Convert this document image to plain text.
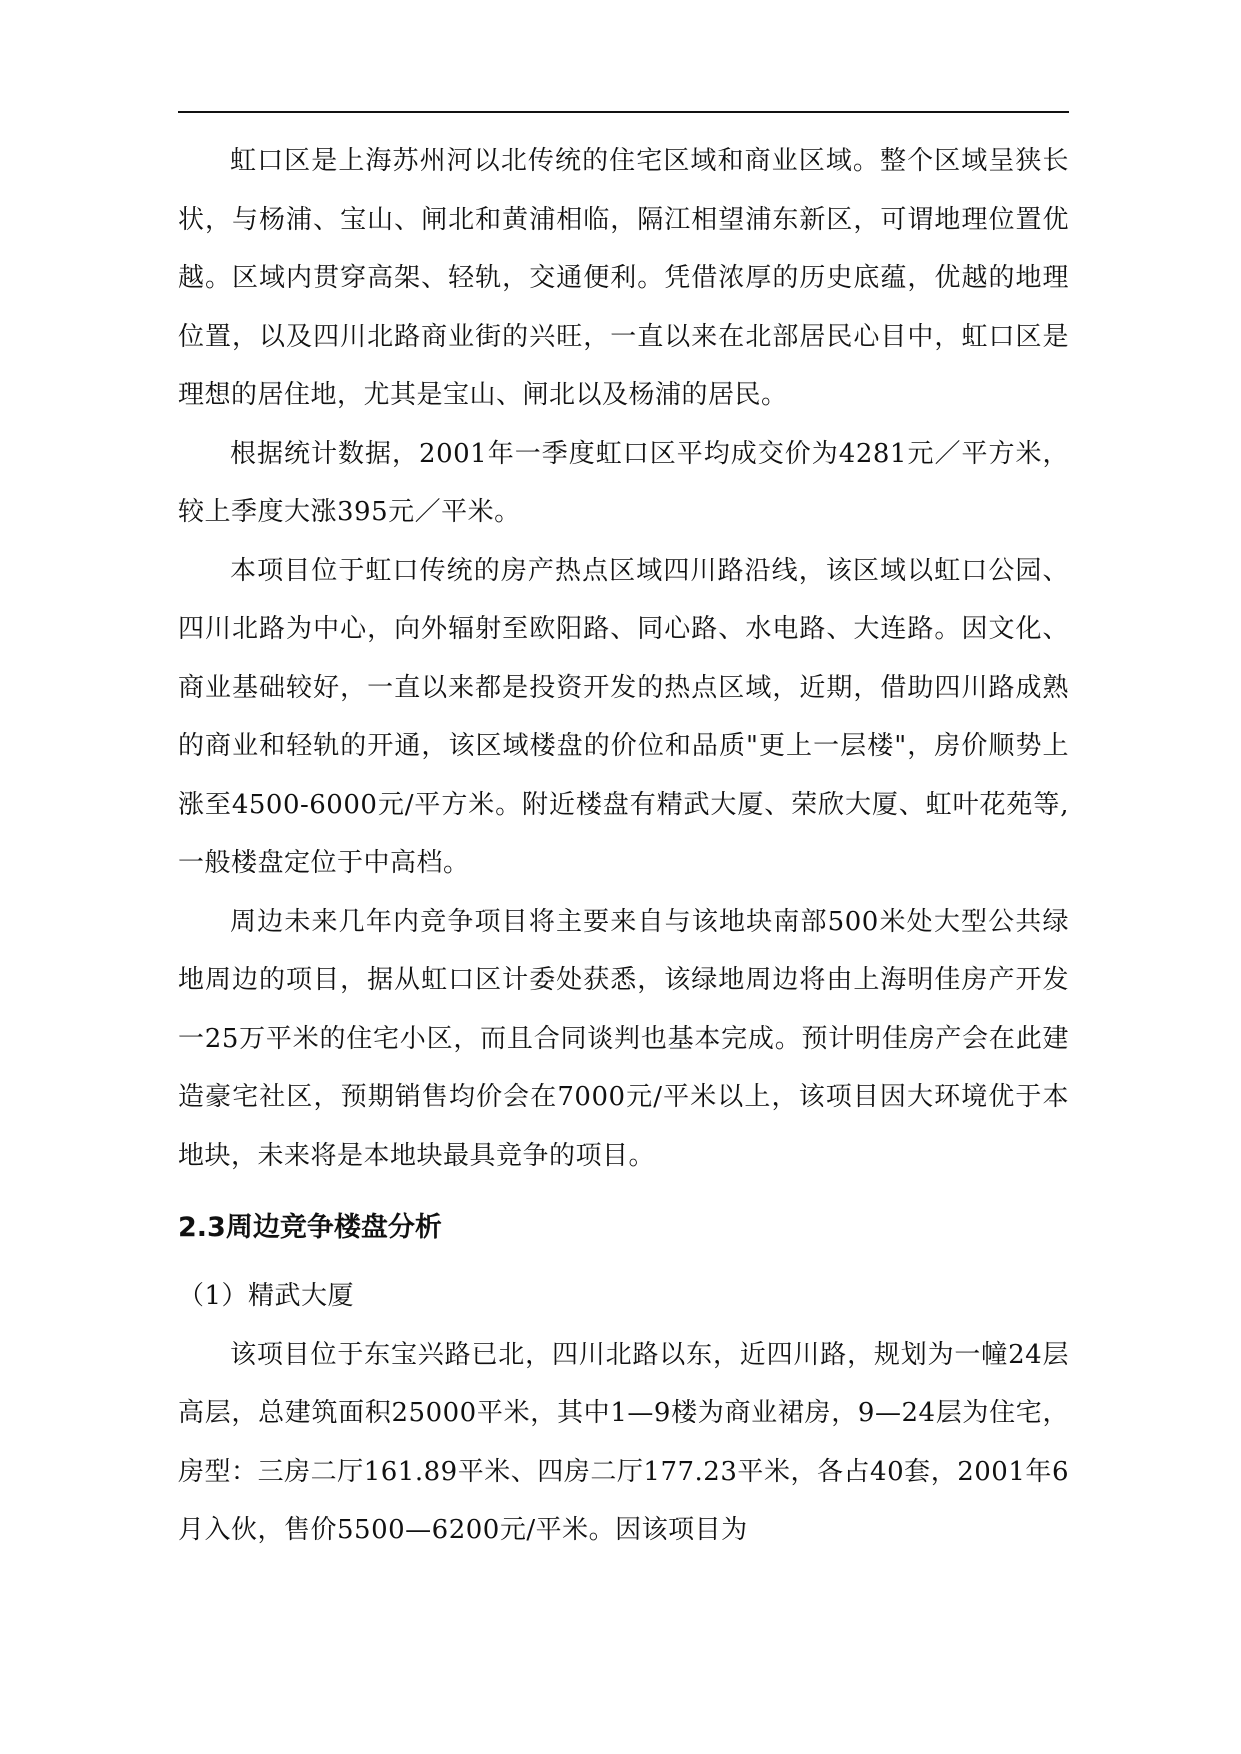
虹口区是上海苏州河以北传统的住宅区域和商业区域。整个区域呈狭长状，与杨浦、宝山、闸北和黄浦相临，隔江相望浦东新区，可谓地理位置优越。区域内贯穿高架、轻轨，交通便利。凭借浓厚的历史底蕴，优越的地理位置，以及四川北路商业街的兴旺，一直以来在北部居民心目中，虹口区是理想的居住地，尤其是宝山、闸北以及杨浦的居民。

根据统计数据，2001年一季度虹口区平均成交价为4281元／平方米，较上季度大涨395元／平米。

本项目位于虹口传统的房产热点区域四川路沿线，该区域以虹口公园、四川北路为中心，向外辐射至欧阳路、同心路、水电路、大连路。因文化、商业基础较好，一直以来都是投资开发的热点区域，近期，借助四川路成熟的商业和轻轨的开通，该区域楼盘的价位和品质"更上一层楼"，房价顺势上涨至4500-6000元/平方米。附近楼盘有精武大厦、荣欣大厦、虹叶花苑等,一般楼盘定位于中高档。

周边未来几年内竞争项目将主要来自与该地块南部500米处大型公共绿地周边的项目，据从虹口区计委处获悉，该绿地周边将由上海明佳房产开发一25万平米的住宅小区，而且合同谈判也基本完成。预计明佳房产会在此建造豪宅社区，预期销售均价会在7000元/平米以上，该项目因大环境优于本地块，未来将是本地块最具竞争的项目。

2.3周边竞争楼盘分析

（1）精武大厦

该项目位于东宝兴路已北，四川北路以东，近四川路，规划为一幢24层高层，总建筑面积25000平米，其中1—9楼为商业裙房，9—24层为住宅，房型：三房二厅161.89平米、四房二厅177.23平米，各占40套，2001年6月入伙，售价5500—6200元/平米。因该项目为
